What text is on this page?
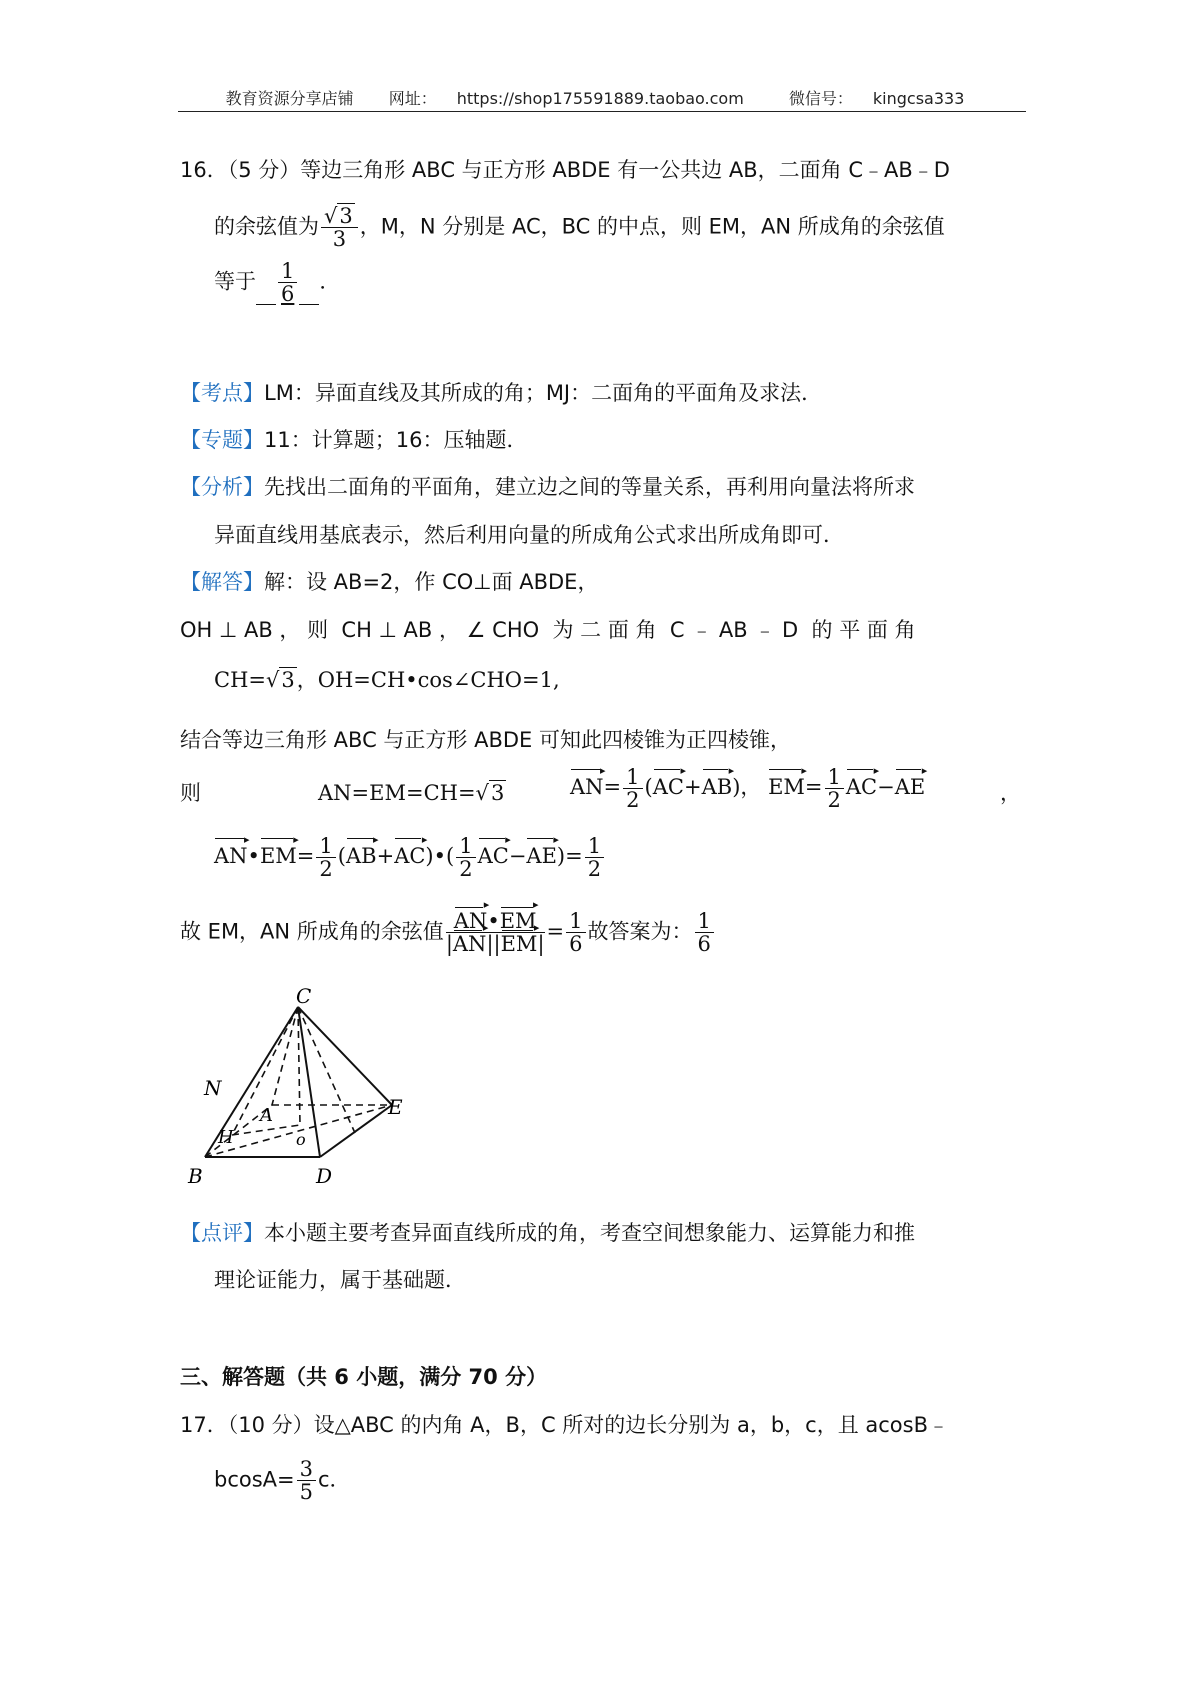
教育资源分享店铺 网址： https://shop175591889.taobao.com	微信号： kingcsa333
16．（5 分）等边三角形 ABC 与正方形 ABDE 有一公共边 AB，二面角 C﹣AB﹣D
的余弦值为 $\frac{√3}{3}$ ，M，N 分别是 AC，BC 的中点，则 EM，AN 所成角的余弦值
等于 $\frac{1}{6}$ ．
【考点】LM：异面直线及其所成的角；MJ：二面角的平面角及求法．
【专题】11：计算题；16：压轴题．
【分析】先找出二面角的平面角，建立边之间的等量关系，再利用向量法将所求
异面直线用基底表示，然后利用向量的所成角公式求出所成角即可．
【解答】解：设 AB=2，作 CO⊥面 ABDE，
OH ⊥ AB ， 则  CH ⊥ AB ， ∠ CHO  为 二 面 角  C ﹣ AB ﹣ D  的 平 面 角
CH=√3，OH=CH•cos∠CHO=1,
结合等边三角形 ABC 与正方形 ABDE 可知此四棱锥为正四棱锥，
则	AN=EM=CH=√3	AN ▸= $\frac{1}{2} (AC$ ▸+AB ▸)， EM ▸= $\frac{1}{2}$ AC ▸−AE ▸	，
AN ▸•EM ▸= $\frac{1}{2} (AB$ ▸+AC ▸)•( $\frac{1}{2}$ AC ▸−AE ▸)= $\frac{1}{2}$
故 EM，AN 所成角的余弦值 $\frac{AN ▸•EM ▸}{|AN ▸||EM ▸|} = \frac{1}{6}$ 故答案为： $\frac{1}{6}$
C
N
A
H	o
E
B	D
【点评】本小题主要考查异面直线所成的角，考查空间想象能力、运算能力和推
理论证能力，属于基础题．
三、解答题（共 6 小题，满分 70 分）
17．（10 分）设△ABC 的内角 A，B，C 所对的边长分别为 a，b，c，且 acosB﹣
$bcosA= \frac{3}{5}$ c．
